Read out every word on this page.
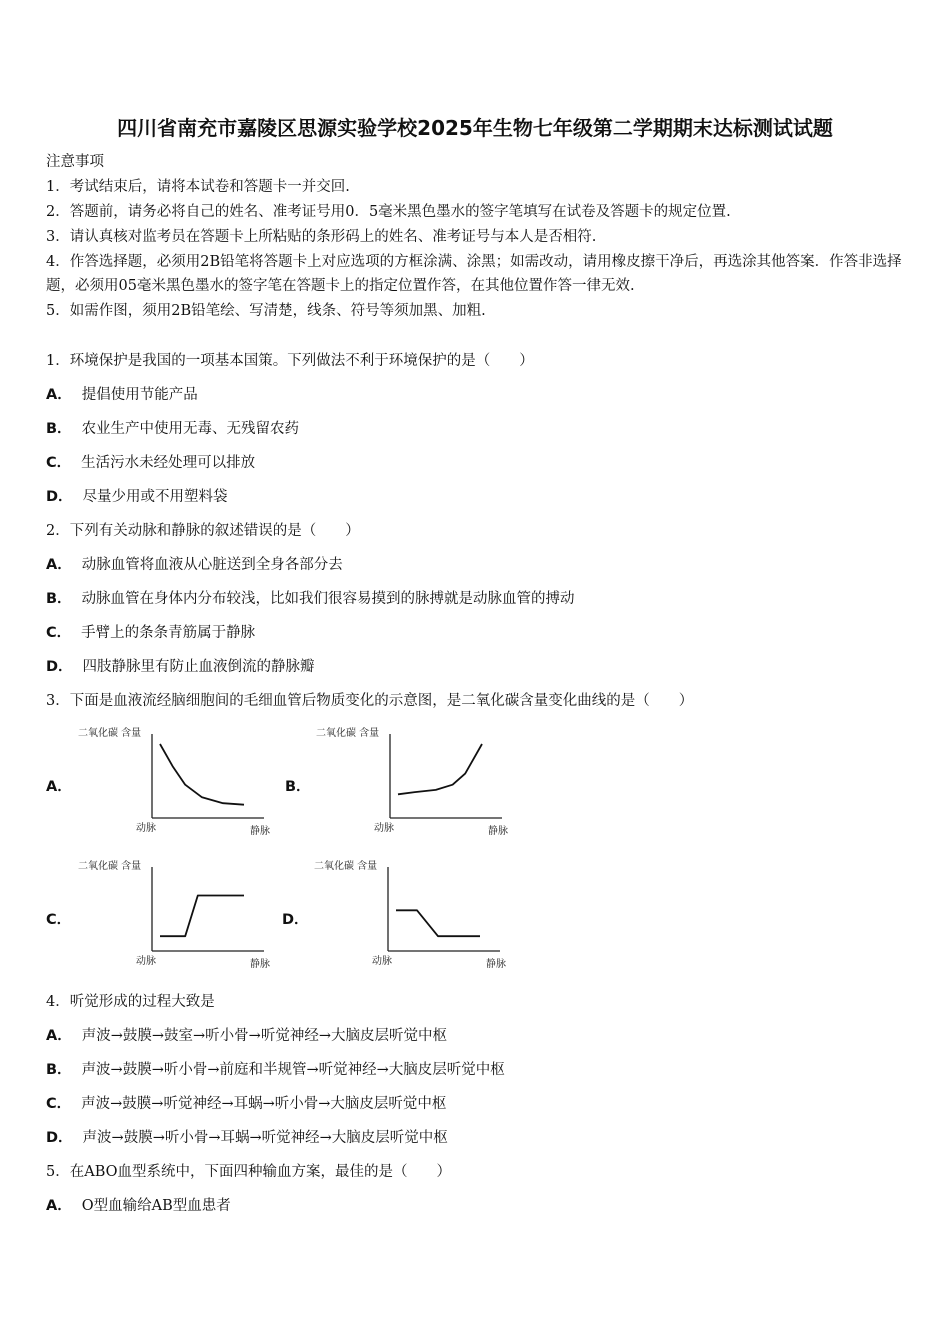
四川省南充市嘉陵区思源实验学校2025年生物七年级第二学期期末达标测试试题
注意事项
1．考试结束后，请将本试卷和答题卡一并交回.
2．答题前，请务必将自己的姓名、准考证号用0．5毫米黑色墨水的签字笔填写在试卷及答题卡的规定位置.
3．请认真核对监考员在答题卡上所粘贴的条形码上的姓名、准考证号与本人是否相符.
4．作答选择题，必须用2B铅笔将答题卡上对应选项的方框涂满、涂黑；如需改动，请用橡皮擦干净后，再选涂其他答案．作答非选择题，必须用05毫米黑色墨水的签字笔在答题卡上的指定位置作答，在其他位置作答一律无效.
5．如需作图，须用2B铅笔绘、写清楚，线条、符号等须加黑、加粗.
1．环境保护是我国的一项基本国策。下列做法不利于环境保护的是（　　）
A． 提倡使用节能产品
B． 农业生产中使用无毒、无残留农药
C． 生活污水未经处理可以排放
D． 尽量少用或不用塑料袋
2．下列有关动脉和静脉的叙述错误的是（　　）
A． 动脉血管将血液从心脏送到全身各部分去
B． 动脉血管在身体内分布较浅，比如我们很容易摸到的脉搏就是动脉血管的搏动
C． 手臂上的条条青筋属于静脉
D． 四肢静脉里有防止血液倒流的静脉瓣
3．下面是血液流经脑细胞间的毛细血管后物质变化的示意图，是二氧化碳含量变化曲线的是（　　）
A．	B．
C．	D．
二氧化碳 含量
动脉	静脉
二氧化碳 含量
动脉	静脉
二氧化碳 含量
动脉	静脉
二氧化碳 含量
动脉	静脉
4．听觉形成的过程大致是
A． 声波→鼓膜→鼓室→听小骨→听觉神经→大脑皮层听觉中枢
B． 声波→鼓膜→听小骨→前庭和半规管→听觉神经→大脑皮层听觉中枢
C． 声波→鼓膜→听觉神经→耳蜗→听小骨→大脑皮层听觉中枢
D． 声波→鼓膜→听小骨→耳蜗→听觉神经→大脑皮层听觉中枢
5．在ABO血型系统中，下面四种输血方案，最佳的是（　　）
A． O型血输给AB型血患者
